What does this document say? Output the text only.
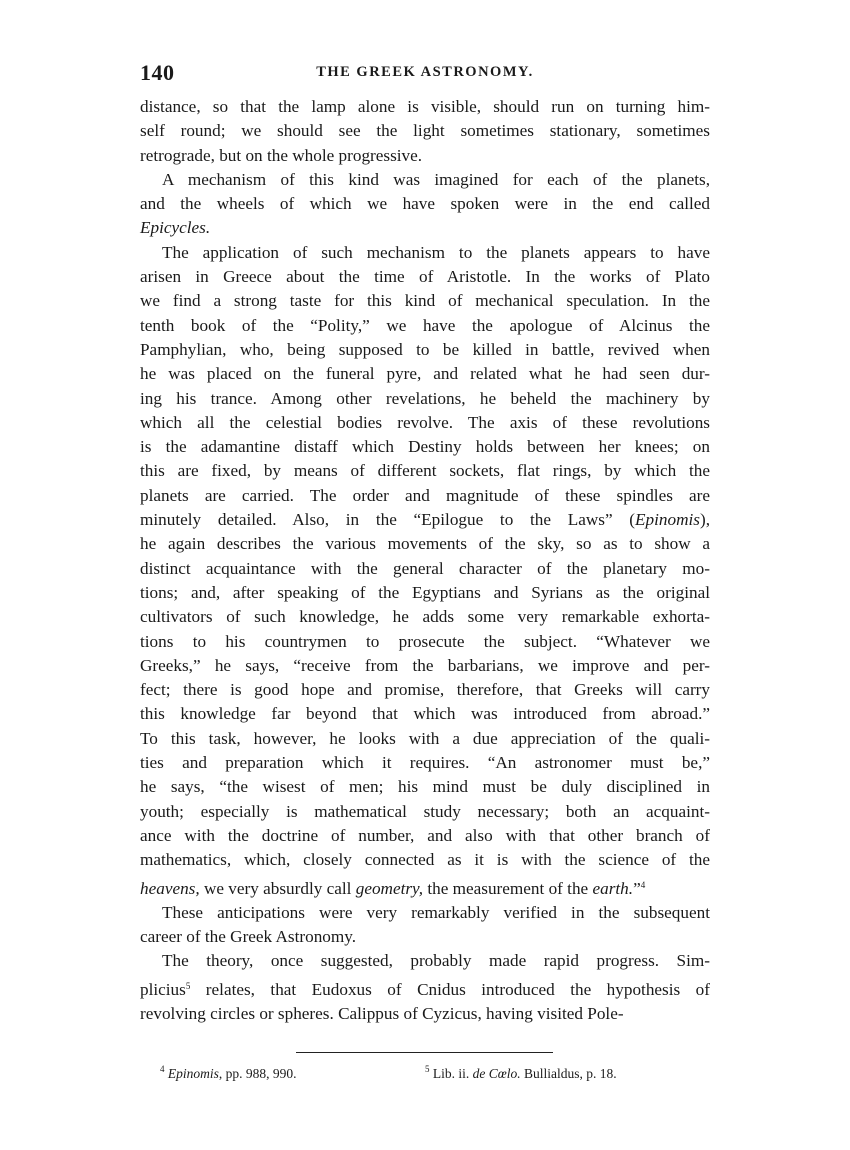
140	THE GREEK ASTRONOMY.
distance, so that the lamp alone is visible, should run on turning him-
self round; we should see the light sometimes stationary, sometimes
retrograde, but on the whole progressive.
A mechanism of this kind was imagined for each of the planets,
and the wheels of which we have spoken were in the end called
Epicycles.
The application of such mechanism to the planets appears to have
arisen in Greece about the time of Aristotle. In the works of Plato
we find a strong taste for this kind of mechanical speculation. In the
tenth book of the “Polity,” we have the apologue of Alcinus the
Pamphylian, who, being supposed to be killed in battle, revived when
he was placed on the funeral pyre, and related what he had seen dur-
ing his trance. Among other revelations, he beheld the machinery by
which all the celestial bodies revolve. The axis of these revolutions
is the adamantine distaff which Destiny holds between her knees; on
this are fixed, by means of different sockets, flat rings, by which the
planets are carried. The order and magnitude of these spindles are
minutely detailed. Also, in the “Epilogue to the Laws” (Epinomis),
he again describes the various movements of the sky, so as to show a
distinct acquaintance with the general character of the planetary mo-
tions; and, after speaking of the Egyptians and Syrians as the original
cultivators of such knowledge, he adds some very remarkable exhorta-
tions to his countrymen to prosecute the subject. “Whatever we
Greeks,” he says, “receive from the barbarians, we improve and per-
fect; there is good hope and promise, therefore, that Greeks will carry
this knowledge far beyond that which was introduced from abroad.”
To this task, however, he looks with a due appreciation of the quali-
ties and preparation which it requires. “An astronomer must be,”
he says, “the wisest of men; his mind must be duly disciplined in
youth; especially is mathematical study necessary; both an acquaint-
ance with the doctrine of number, and also with that other branch of
mathematics, which, closely connected as it is with the science of the
heavens, we very absurdly call geometry, the measurement of the earth.”$^4$
These anticipations were very remarkably verified in the subsequent
career of the Greek Astronomy.
The theory, once suggested, probably made rapid progress. Sim-
plicius$^5$ relates, that Eudoxus of Cnidus introduced the hypothesis of
revolving circles or spheres. Calippus of Cyzicus, having visited Pole-
$^4$ Epinomis, pp. 988, 990.	$^5$ Lib. ii. de Cœlo. Bullialdus, p. 18.
